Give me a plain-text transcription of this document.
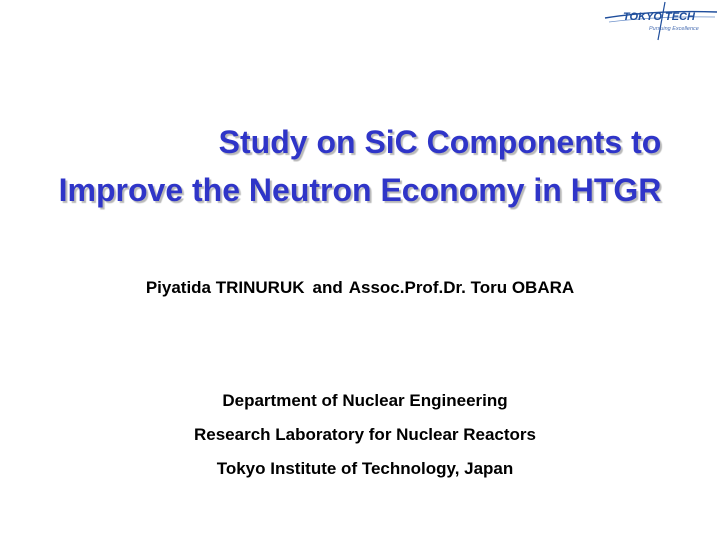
TOKYO TECH
Pursuing Excellence
Study on SiC Components to
Improve the Neutron Economy in HTGR
Piyatida TRINURUK and Assoc.Prof.Dr. Toru OBARA
Department of Nuclear Engineering
Research Laboratory for Nuclear Reactors
Tokyo Institute of Technology, Japan
